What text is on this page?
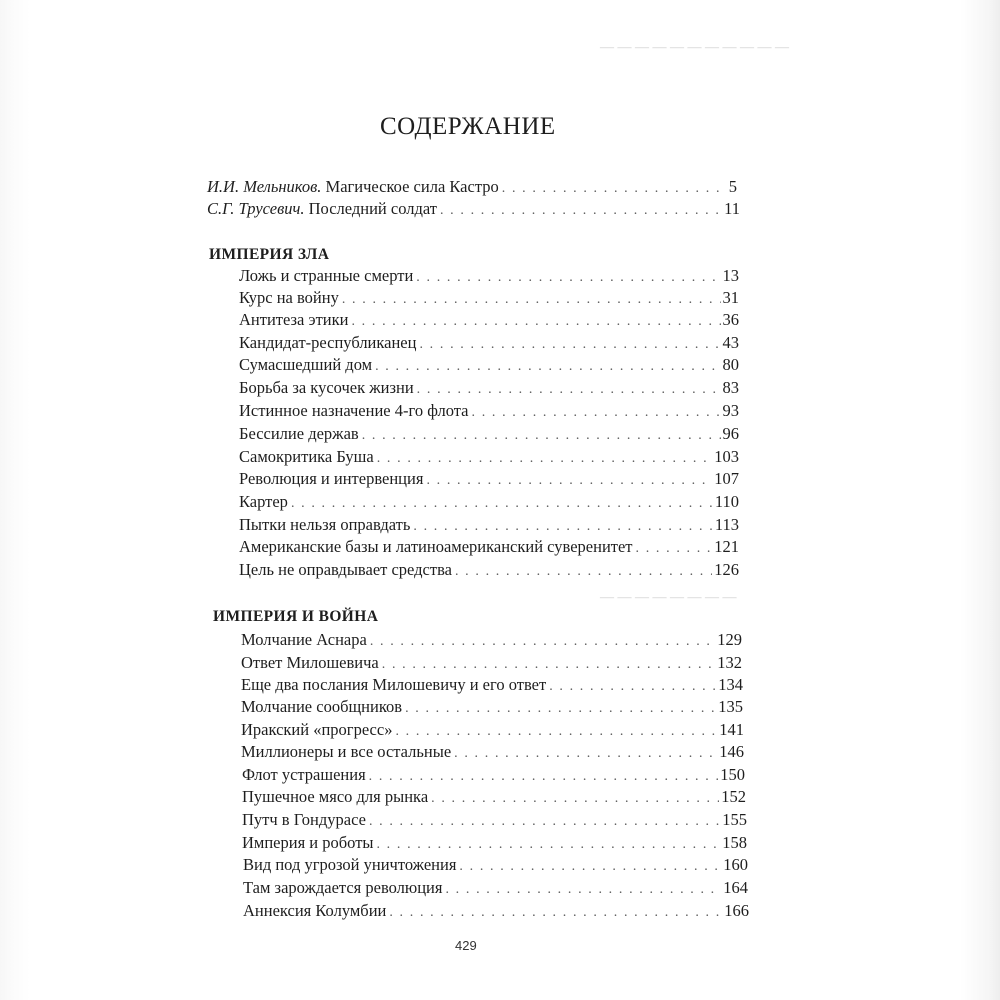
— — — — — — — — — — —
— — — — — — — —
СОДЕРЖАНИЕ
И.И. Мельников. Магическое сила Кастро . . .	5
С.Г. Трусевич. Последний солдат . . .	11
ИМПЕРИЯ ЗЛА
Ложь и странные смерти . . .	13
Курс на войну . . .	31
Антитеза этики . . .	36
Кандидат-республиканец . . .	43
Сумасшедший дом . . .	80
Борьба за кусочек жизни . . .	83
Истинное назначение 4-го флота . . .	93
Бессилие держав . . .	96
Самокритика Буша . . .	103
Революция и интервенция . . .	107
Картер . . .	110
Пытки нельзя оправдать . . .	113
Американские базы и латиноамериканский суверенитет . . .	121
Цель не оправдывает средства . . .	126
ИМПЕРИЯ И ВОЙНА
Молчание Аснара . . .	129
Ответ Милошевича . . .	132
Еще два послания Милошевичу и его ответ . . .	134
Молчание сообщников . . .	135
Иракский «прогресс» . . .	141
Миллионеры и все остальные . . .	146
Флот устрашения . . .	150
Пушечное мясо для рынка . . .	152
Путч в Гондурасе . . .	155
Империя и роботы . . .	158
Вид под угрозой уничтожения . . .	160
Там зарождается революция . . .	164
Аннексия Колумбии . . .	166
429
